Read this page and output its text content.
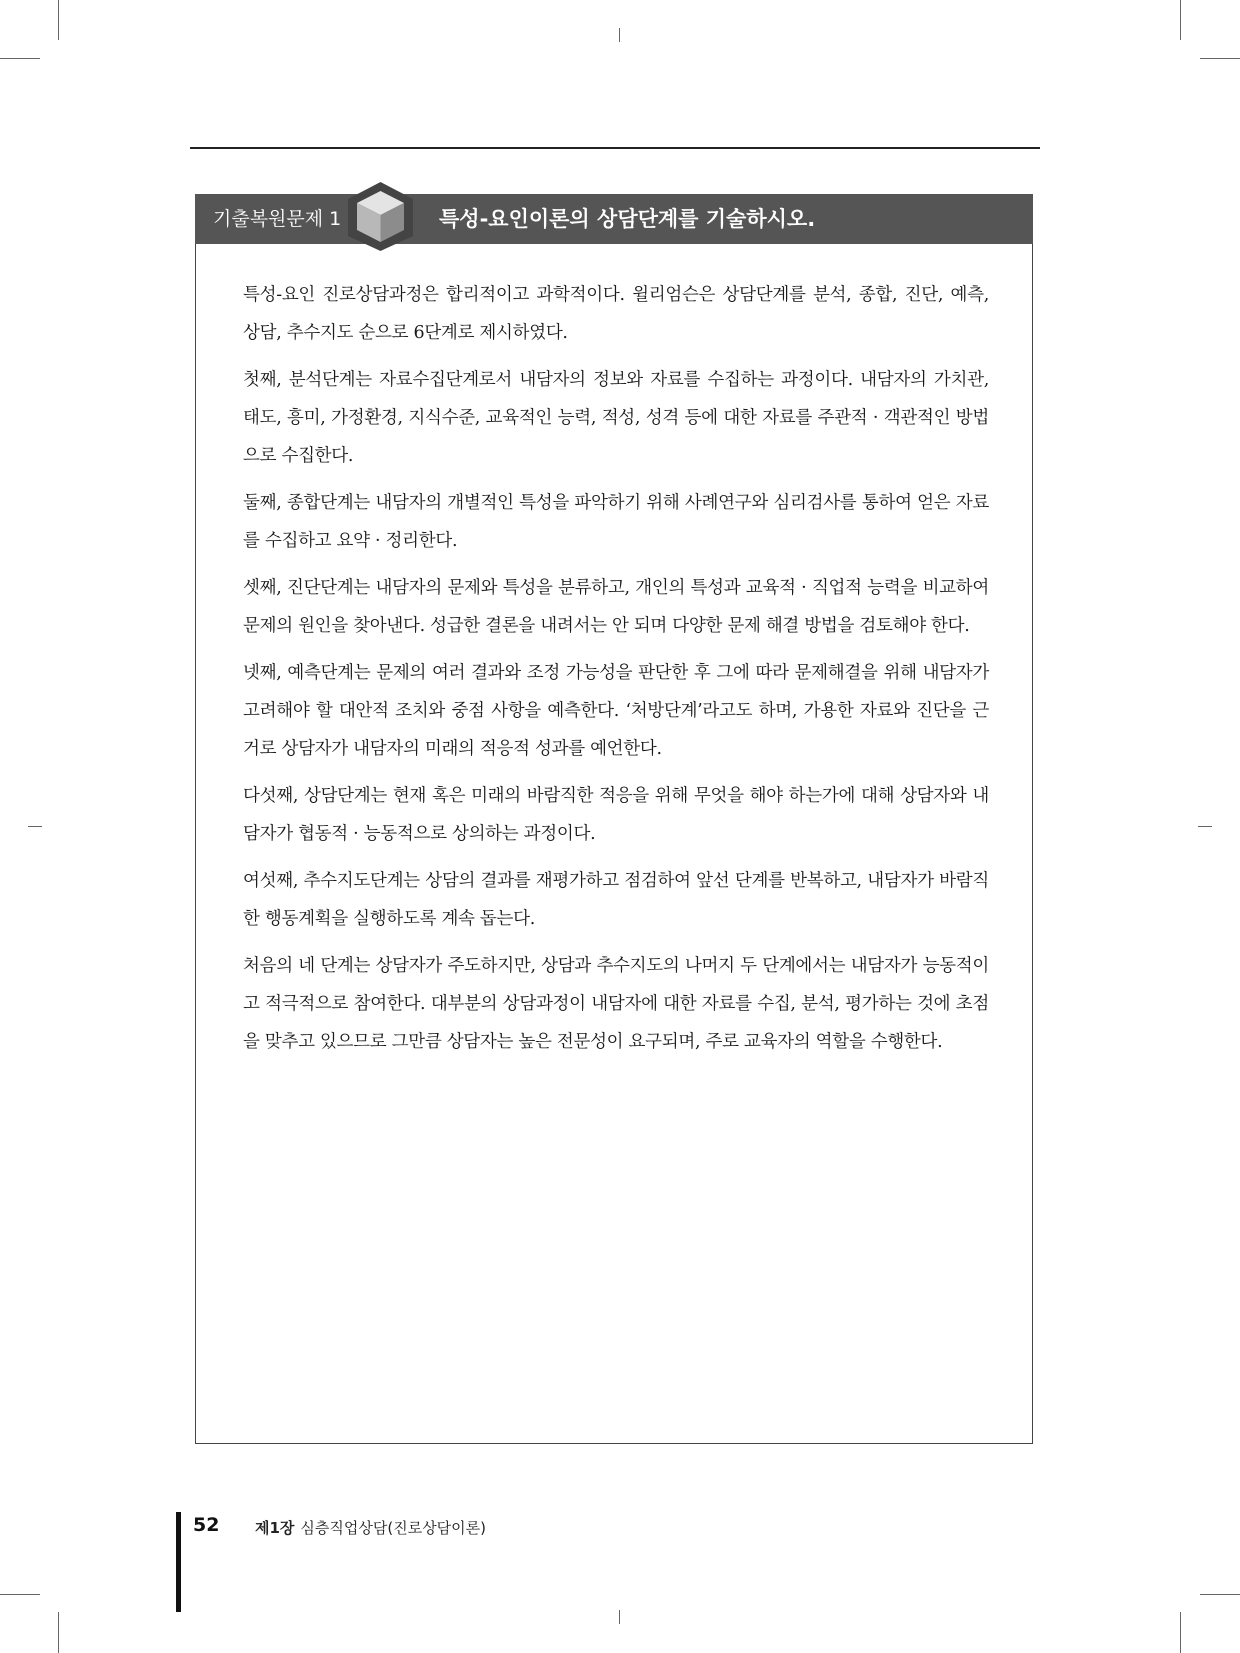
기출복원문제 1	특성-요인이론의 상담단계를 기술하시오.

특성-요인 진로상담과정은 합리적이고 과학적이다. 윌리엄슨은 상담단계를 분석, 종합, 진단, 예측, 상담, 추수지도 순으로 6단계로 제시하였다.

첫째, 분석단계는 자료수집단계로서 내담자의 정보와 자료를 수집하는 과정이다. 내담자의 가치관, 태도, 흥미, 가정환경, 지식수준, 교육적인 능력, 적성, 성격 등에 대한 자료를 주관적 · 객관적인 방법으로 수집한다.

둘째, 종합단계는 내담자의 개별적인 특성을 파악하기 위해 사례연구와 심리검사를 통하여 얻은 자료를 수집하고 요약 · 정리한다.

셋째, 진단단계는 내담자의 문제와 특성을 분류하고, 개인의 특성과 교육적 · 직업적 능력을 비교하여 문제의 원인을 찾아낸다. 성급한 결론을 내려서는 안 되며 다양한 문제 해결 방법을 검토해야 한다.

넷째, 예측단계는 문제의 여러 결과와 조정 가능성을 판단한 후 그에 따라 문제해결을 위해 내담자가 고려해야 할 대안적 조치와 중점 사항을 예측한다. ‘처방단계’라고도 하며, 가용한 자료와 진단을 근거로 상담자가 내담자의 미래의 적응적 성과를 예언한다.

다섯째, 상담단계는 현재 혹은 미래의 바람직한 적응을 위해 무엇을 해야 하는가에 대해 상담자와 내담자가 협동적 · 능동적으로 상의하는 과정이다.

여섯째, 추수지도단계는 상담의 결과를 재평가하고 점검하여 앞선 단계를 반복하고, 내담자가 바람직한 행동계획을 실행하도록 계속 돕는다.

처음의 네 단계는 상담자가 주도하지만, 상담과 추수지도의 나머지 두 단계에서는 내담자가 능동적이고 적극적으로 참여한다. 대부분의 상담과정이 내담자에 대한 자료를 수집, 분석, 평가하는 것에 초점을 맞추고 있으므로 그만큼 상담자는 높은 전문성이 요구되며, 주로 교육자의 역할을 수행한다.

52 제1장 심층직업상담(진로상담이론)
